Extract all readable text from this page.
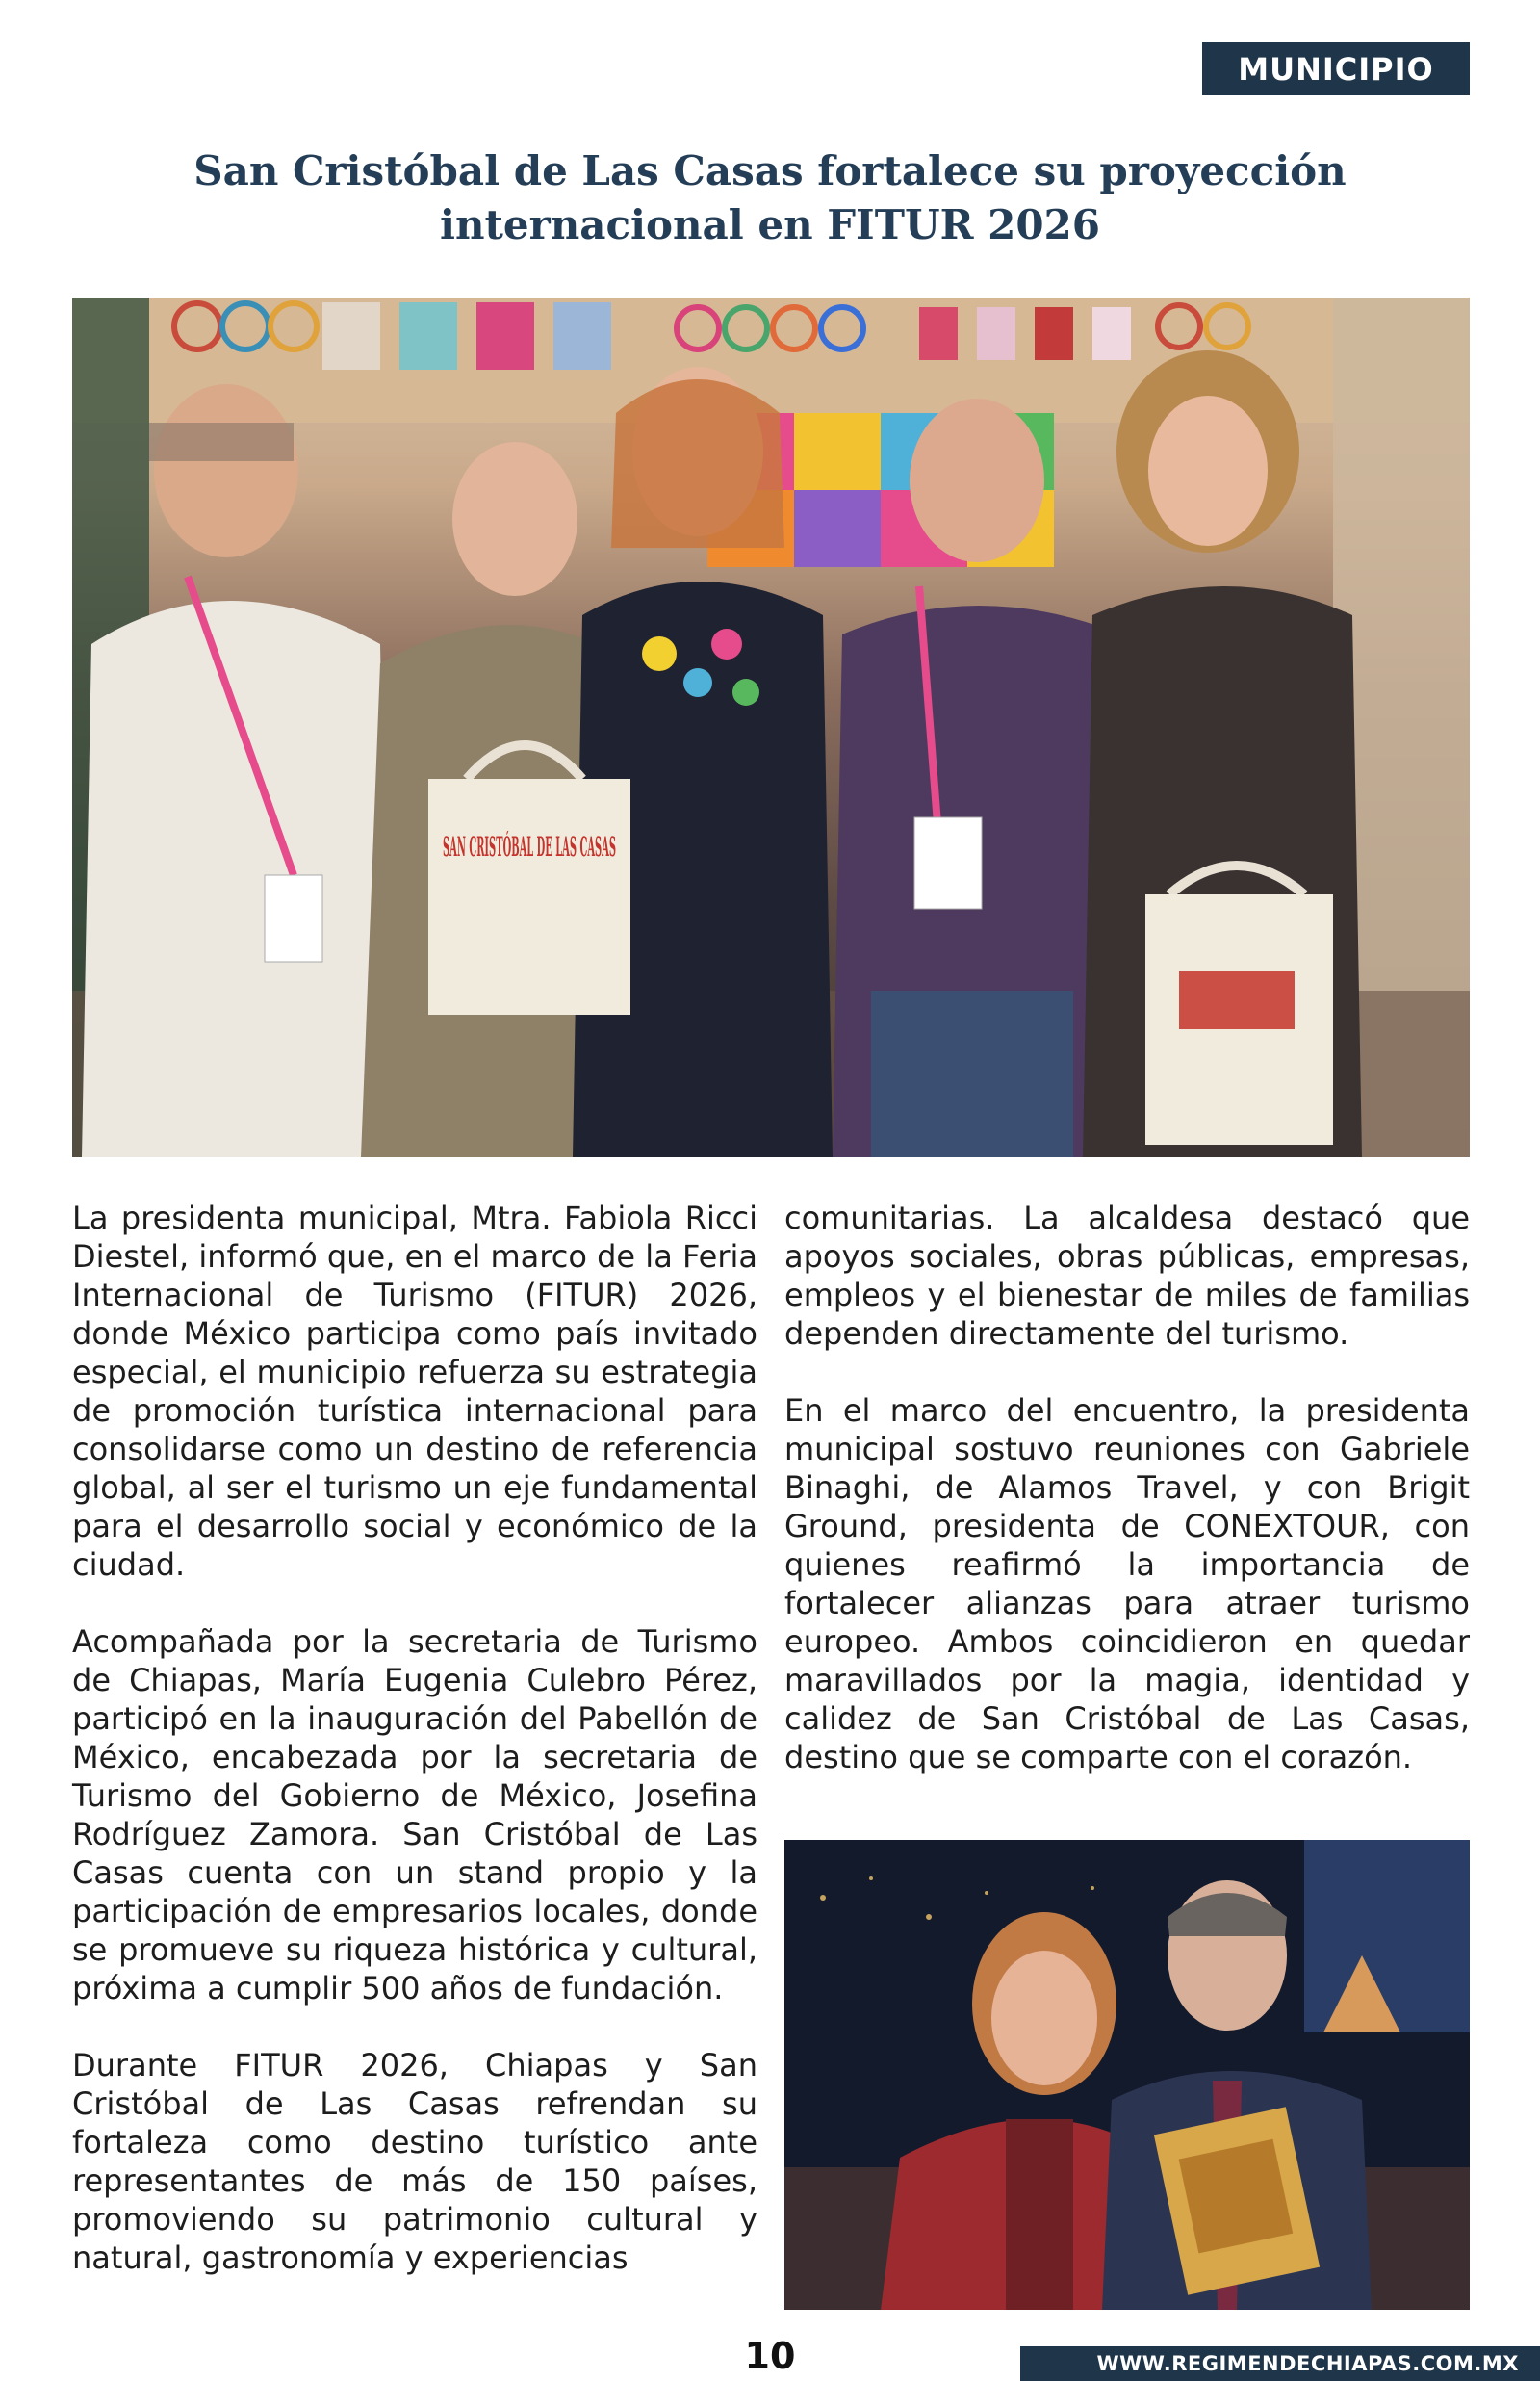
MUNICIPIO
San Cristóbal de Las Casas fortalece su proyección internacional en FITUR 2026

La presidenta municipal, Mtra. Fabiola Ricci Diestel, informó que, en el marco de la Feria Internacional de Turismo (FITUR) 2026, donde México participa como país invitado especial, el municipio refuerza su estrategia de promoción turística internacional para consolidarse como un destino de referencia global, al ser el turismo un eje fundamental para el desarrollo social y económico de la ciudad.

Acompañada por la secretaria de Turismo de Chiapas, María Eugenia Culebro Pérez, participó en la inauguración del Pabellón de México, encabezada por la secretaria de Turismo del Gobierno de México, Josefina Rodríguez Zamora. San Cristóbal de Las Casas cuenta con un stand propio y la participación de empresarios locales, donde se promueve su riqueza histórica y cultural, próxima a cumplir 500 años de fundación.

Durante FITUR 2026, Chiapas y San Cristóbal de Las Casas refrendan su fortaleza como destino turístico ante representantes de más de 150 países, promoviendo su patrimonio cultural y natural, gastronomía y experiencias

comunitarias. La alcaldesa destacó que apoyos sociales, obras públicas, empresas, empleos y el bienestar de miles de familias dependen directamente del turismo.

En el marco del encuentro, la presidenta municipal sostuvo reuniones con Gabriele Binaghi, de Alamos Travel, y con Brigit Ground, presidenta de CONEXTOUR, con quienes reafirmó la importancia de fortalecer alianzas para atraer turismo europeo. Ambos coincidieron en quedar maravillados por la magia, identidad y calidez de San Cristóbal de Las Casas, destino que se comparte con el corazón.

10	WWW.REGIMENDECHIAPAS.COM.MX
